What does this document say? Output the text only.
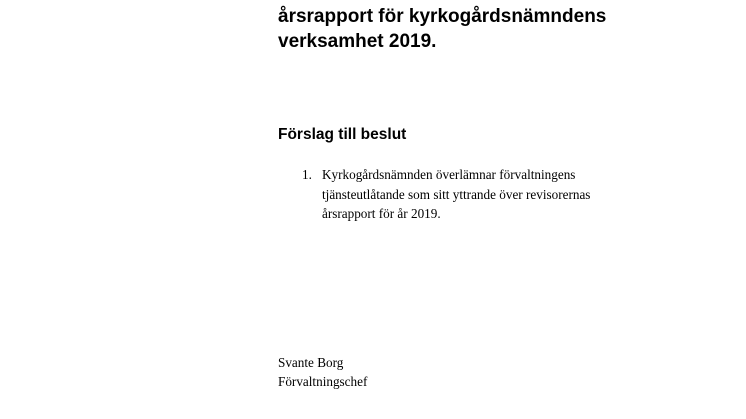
årsrapport för kyrkogårdsnämndens
verksamhet 2019.
Förslag till beslut
1. Kyrkogårdsnämnden överlämnar förvaltningens
tjänsteutlåtande som sitt yttrande över revisorernas
årsrapport för år 2019.
Svante Borg
Förvaltningschef
